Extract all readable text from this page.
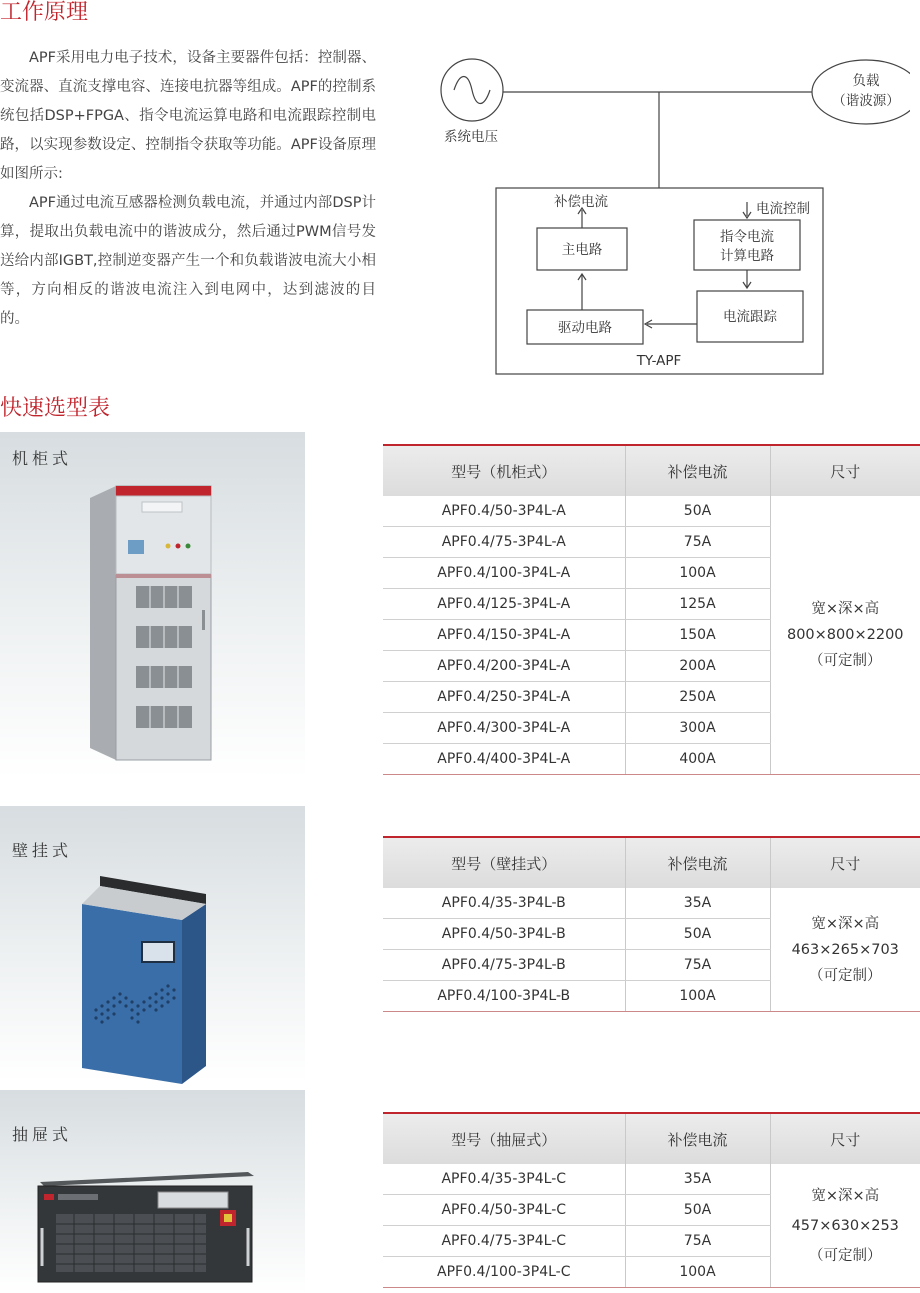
工作原理

APF采用电力电子技术，设备主要器件包括：控制器、变流器、直流支撑电容、连接电抗器等组成。APF的控制系统包括DSP+FPGA、指令电流运算电路和电流跟踪控制电路，以实现参数设定、控制指令获取等功能。APF设备原理如图所示:

APF通过电流互感器检测负载电流，并通过内部DSP计算，提取出负载电流中的谐波成分，然后通过PWM信号发送给内部IGBT,控制逆变器产生一个和负载谐波电流大小相等，方向相反的谐波电流注入到电网中，达到滤波的目的。

系统电压
负载
（谐波源）
补偿电流	电流控制
主电路
指令电流
计算电路
驱动电路
电流跟踪
TY-APF
快速选型表
机柜式
型号（机柜式）	补偿电流	尺寸
APF0.4/50-3P4L-A	50A	宽×深×高
800×800×2200
（可定制）

APF0.4/75-3P4L-A	75A	
APF0.4/100-3P4L-A	100A	
APF0.4/125-3P4L-A	125A	
APF0.4/150-3P4L-A	150A	
APF0.4/200-3P4L-A	200A	
APF0.4/250-3P4L-A	250A	
APF0.4/300-3P4L-A	300A	
APF0.4/400-3P4L-A	400A	
壁挂式
型号（壁挂式）	补偿电流	尺寸
APF0.4/35-3P4L-B	35A	宽×深×高
463×265×703
（可定制）

APF0.4/50-3P4L-B	50A	
APF0.4/75-3P4L-B	75A	
APF0.4/100-3P4L-B	100A	
抽屉式	型号（抽屉式）	补偿电流	尺寸
APF0.4/35-3P4L-C	35A	宽×深×高
457×630×253
（可定制）

APF0.4/50-3P4L-C	50A	
APF0.4/75-3P4L-C	75A	
APF0.4/100-3P4L-C	100A	
